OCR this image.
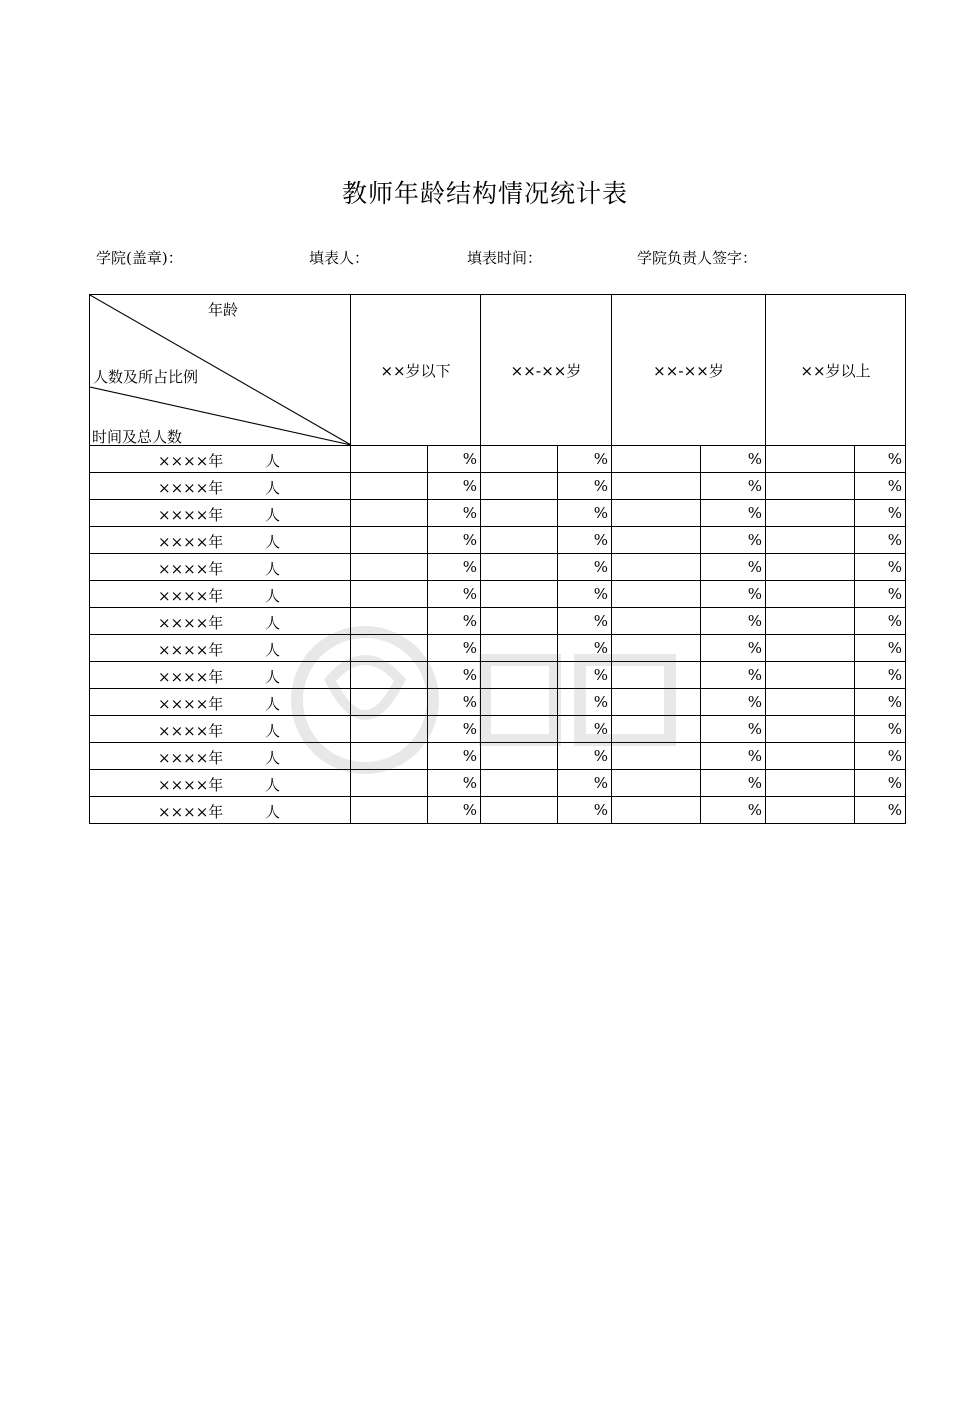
教师年龄结构情况统计表
学院(盖章)：	填表人：	填表时间：	学院负责人签字：
年龄
人数及所占比例
时间及总人数	××岁以下		××-××岁		××-××岁		××岁以上	

××××年 人		%		%		%		%

××××年 人		%		%		%		%

××××年 人		%		%		%		%

××××年 人		%		%		%		%

××××年 人		%		%		%		%

××××年 人		%		%		%		%

××××年 人		%		%		%		%

××××年 人		%		%		%		%

××××年 人		%		%		%		%

××××年 人		%		%		%		%

××××年 人		%		%		%		%

××××年 人		%		%		%		%

××××年 人		%		%		%		%

××××年 人		%		%		%		%
